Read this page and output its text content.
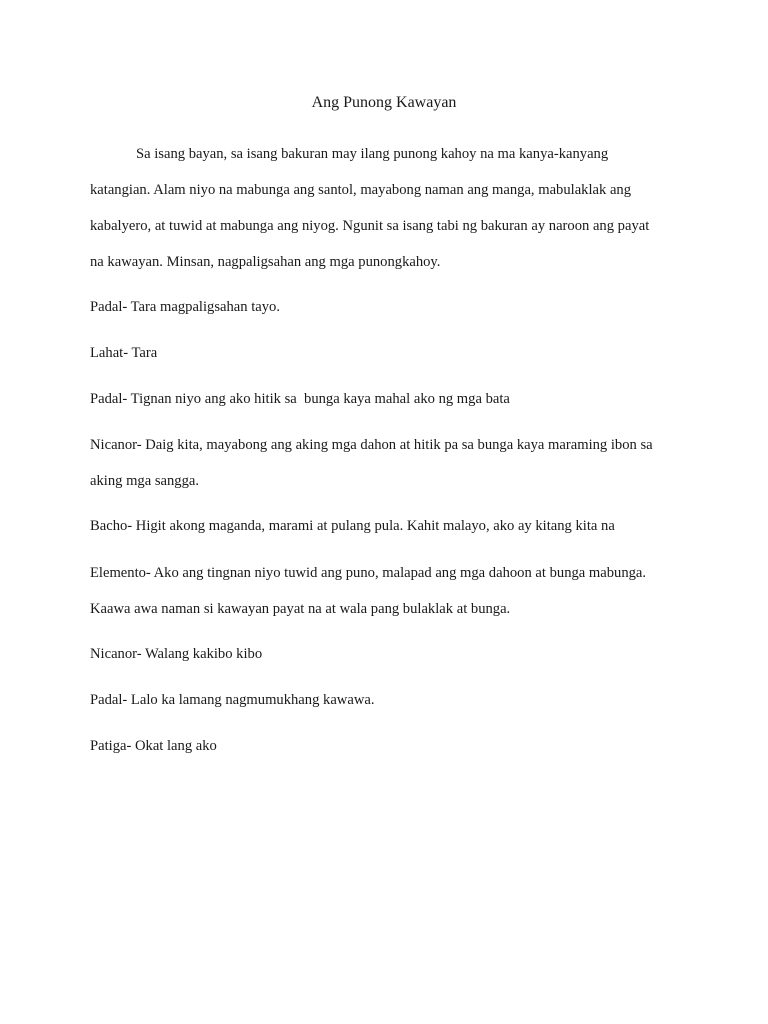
Ang Punong Kawayan
Sa isang bayan, sa isang bakuran may ilang punong kahoy na ma kanya-kanyang
katangian. Alam niyo na mabunga ang santol, mayabong naman ang manga, mabulaklak ang
kabalyero, at tuwid at mabunga ang niyog. Ngunit sa isang tabi ng bakuran ay naroon ang payat
na kawayan. Minsan, nagpaligsahan ang mga punongkahoy.
Padal- Tara magpaligsahan tayo.
Lahat- Tara
Padal- Tignan niyo ang ako hitik sa  bunga kaya mahal ako ng mga bata
Nicanor- Daig kita, mayabong ang aking mga dahon at hitik pa sa bunga kaya maraming ibon sa
aking mga sangga.
Bacho- Higit akong maganda, marami at pulang pula. Kahit malayo, ako ay kitang kita na
Elemento- Ako ang tingnan niyo tuwid ang puno, malapad ang mga dahoon at bunga mabunga.
Kaawa awa naman si kawayan payat na at wala pang bulaklak at bunga.
Nicanor- Walang kakibo kibo
Padal- Lalo ka lamang nagmumukhang kawawa.
Patiga- Okat lang ako
